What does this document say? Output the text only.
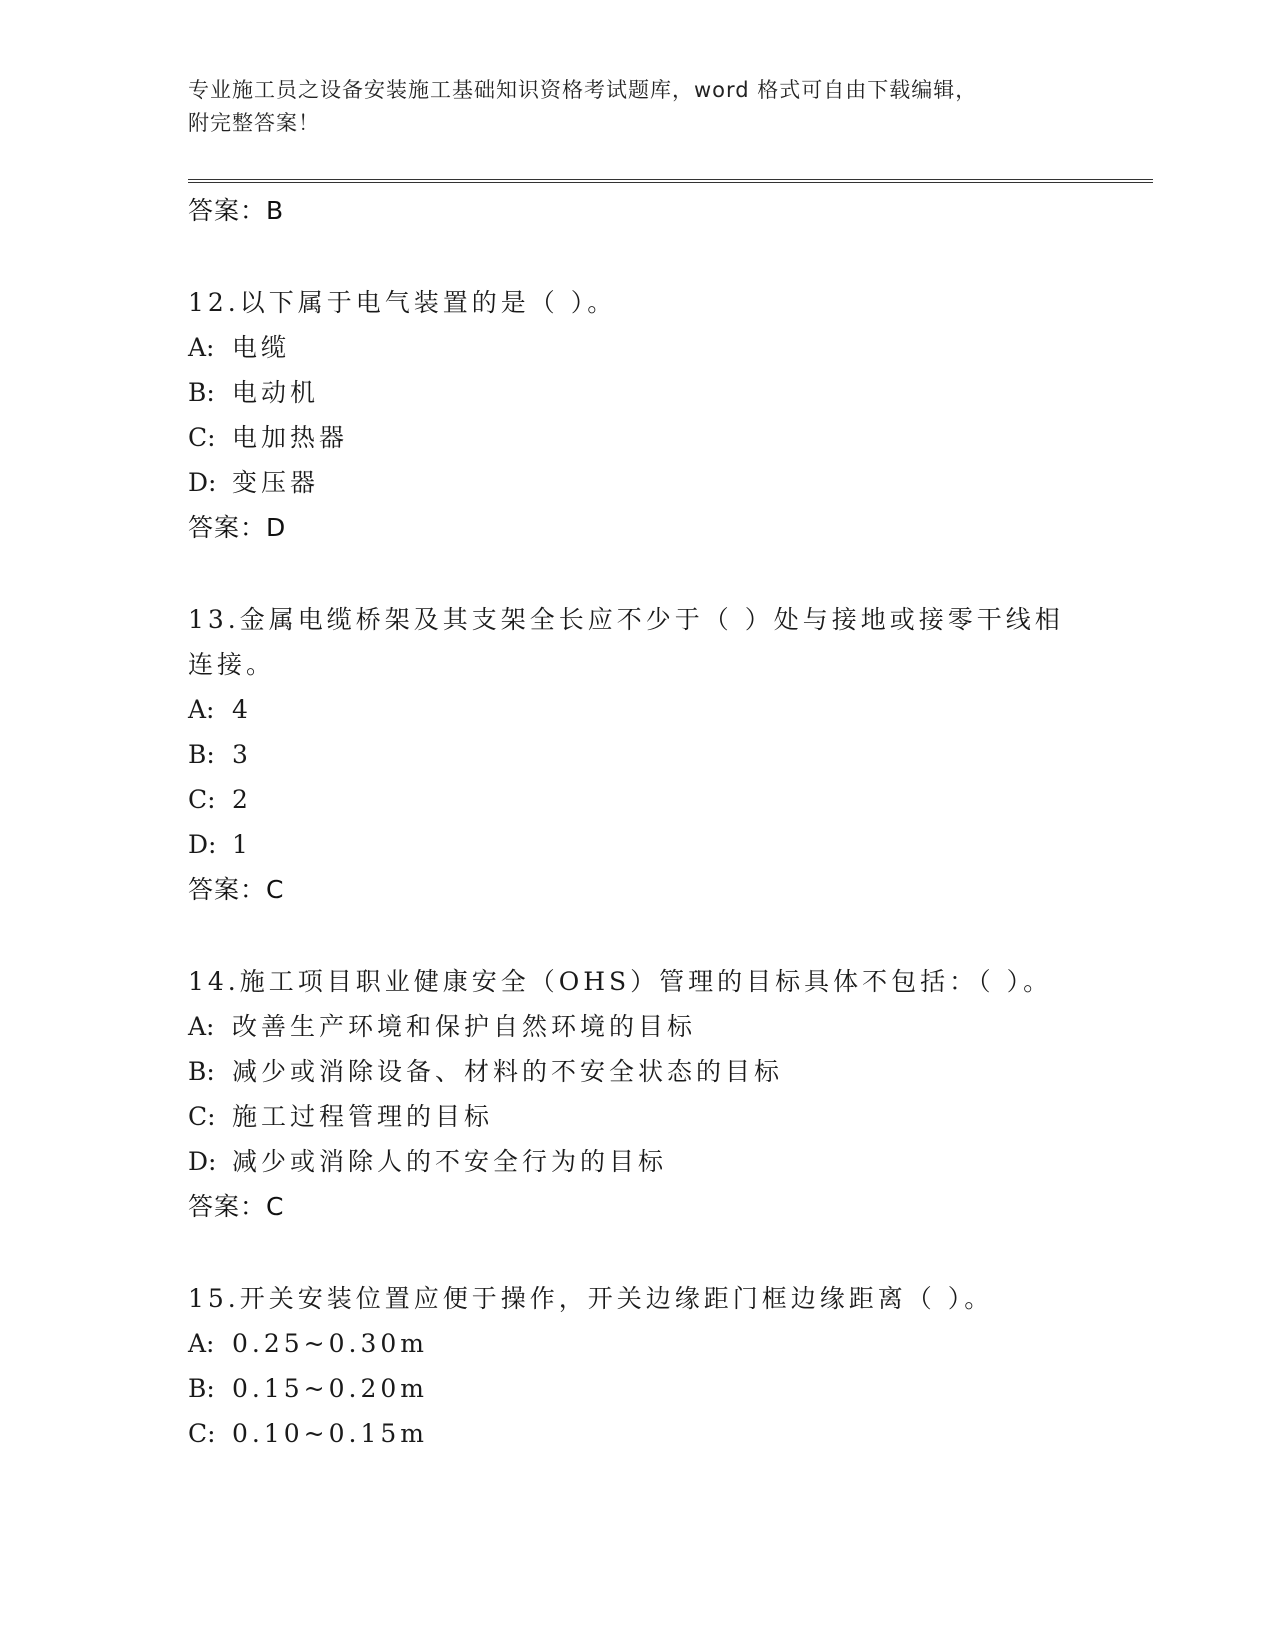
专业施工员之设备安装施工基础知识资格考试题库，word 格式可自由下载编辑，
附完整答案！
答案：B
12.以下属于电气装置的是（ ）。
A: 电缆
B: 电动机
C: 电加热器
D: 变压器
答案：D
13.金属电缆桥架及其支架全长应不少于（ ）处与接地或接零干线相连接。
A: 4
B: 3
C: 2
D: 1
答案：C
14.施工项目职业健康安全（OHS）管理的目标具体不包括：（ ）。
A: 改善生产环境和保护自然环境的目标
B: 减少或消除设备、材料的不安全状态的目标
C: 施工过程管理的目标
D: 减少或消除人的不安全行为的目标
答案：C
15.开关安装位置应便于操作，开关边缘距门框边缘距离（ ）。
A: 0.25~0.30m
B: 0.15~0.20m
C: 0.10~0.15m
